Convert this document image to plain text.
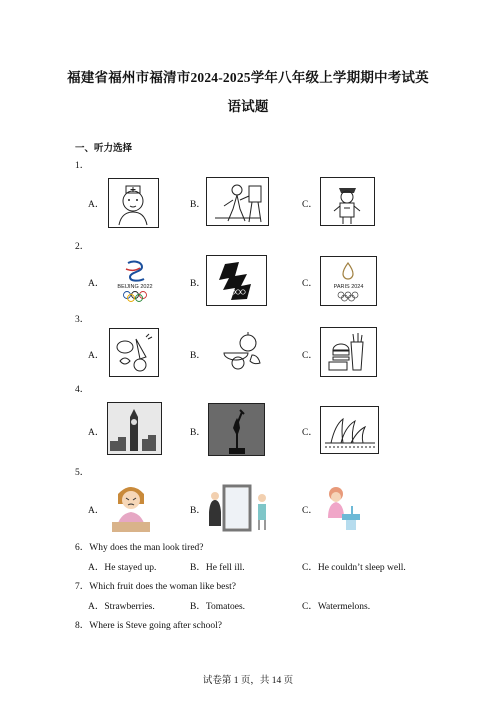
福建省福州市福清市2024-2025学年八年级上学期期中考试英
语试题
一、听力选择
1．
A．	B．	C．
2．
A． BEIJING 2022	B．	C．	PARIS 2024
3．
A．	B．	C．
4．
A．	B．	C．
5．
A．	B．	C．
6．Why does the man look tired?
A．He stayed up.	B．He fell ill.	C．He couldn’t sleep well.
7．Which fruit does the woman like best?
A．Strawberries.	B．Tomatoes.	C．Watermelons.
8．Where is Steve going after school?
试卷第 1 页，共 14 页
